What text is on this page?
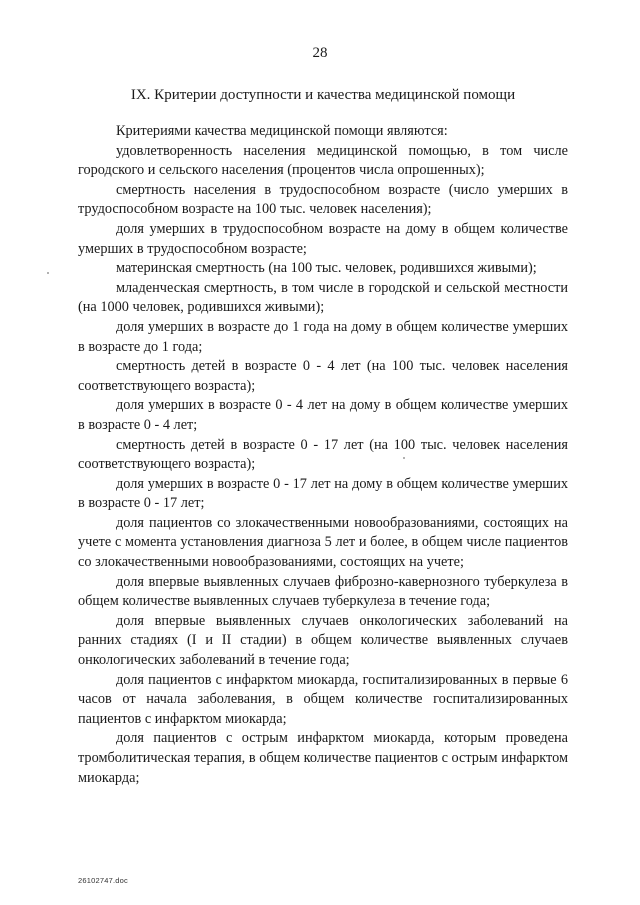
28
IX. Критерии доступности и качества медицинской помощи

Критериями качества медицинской помощи являются:

удовлетворенность населения медицинской помощью, в том числе городского и сельского населения (процентов числа опрошенных);

смертность населения в трудоспособном возрасте (число умерших в трудоспособном возрасте на 100 тыс. человек населения);

доля умерших в трудоспособном возрасте на дому в общем количестве умерших в трудоспособном возрасте;

материнская смертность (на 100 тыс. человек, родившихся живыми);

младенческая смертность, в том числе в городской и сельской местности (на 1000 человек, родившихся живыми);

доля умерших в возрасте до 1 года на дому в общем количестве умерших в возрасте до 1 года;

смертность детей в возрасте 0 - 4 лет (на 100 тыс. человек населения соответствующего возраста);

доля умерших в возрасте 0 - 4 лет на дому в общем количестве умерших в возрасте 0 - 4 лет;

смертность детей в возрасте 0 - 17 лет (на 100 тыс. человек населения соответствующего возраста);

доля умерших в возрасте 0 - 17 лет на дому в общем количестве умерших в возрасте 0 - 17 лет;

доля пациентов со злокачественными новообразованиями, состоящих на учете с момента установления диагноза 5 лет и более, в общем числе пациентов со злокачественными новообразованиями, состоящих на учете;

доля впервые выявленных случаев фиброзно-кавернозного туберкулеза в общем количестве выявленных случаев туберкулеза в течение года;

доля впервые выявленных случаев онкологических заболеваний на ранних стадиях (I и II стадии) в общем количестве выявленных случаев онкологических заболеваний в течение года;

доля пациентов с инфарктом миокарда, госпитализированных в первые 6 часов от начала заболевания, в общем количестве госпитализированных пациентов с инфарктом миокарда;

доля пациентов с острым инфарктом миокарда, которым проведена тромболитическая терапия, в общем количестве пациентов с острым инфарктом миокарда;

26102747.doc
